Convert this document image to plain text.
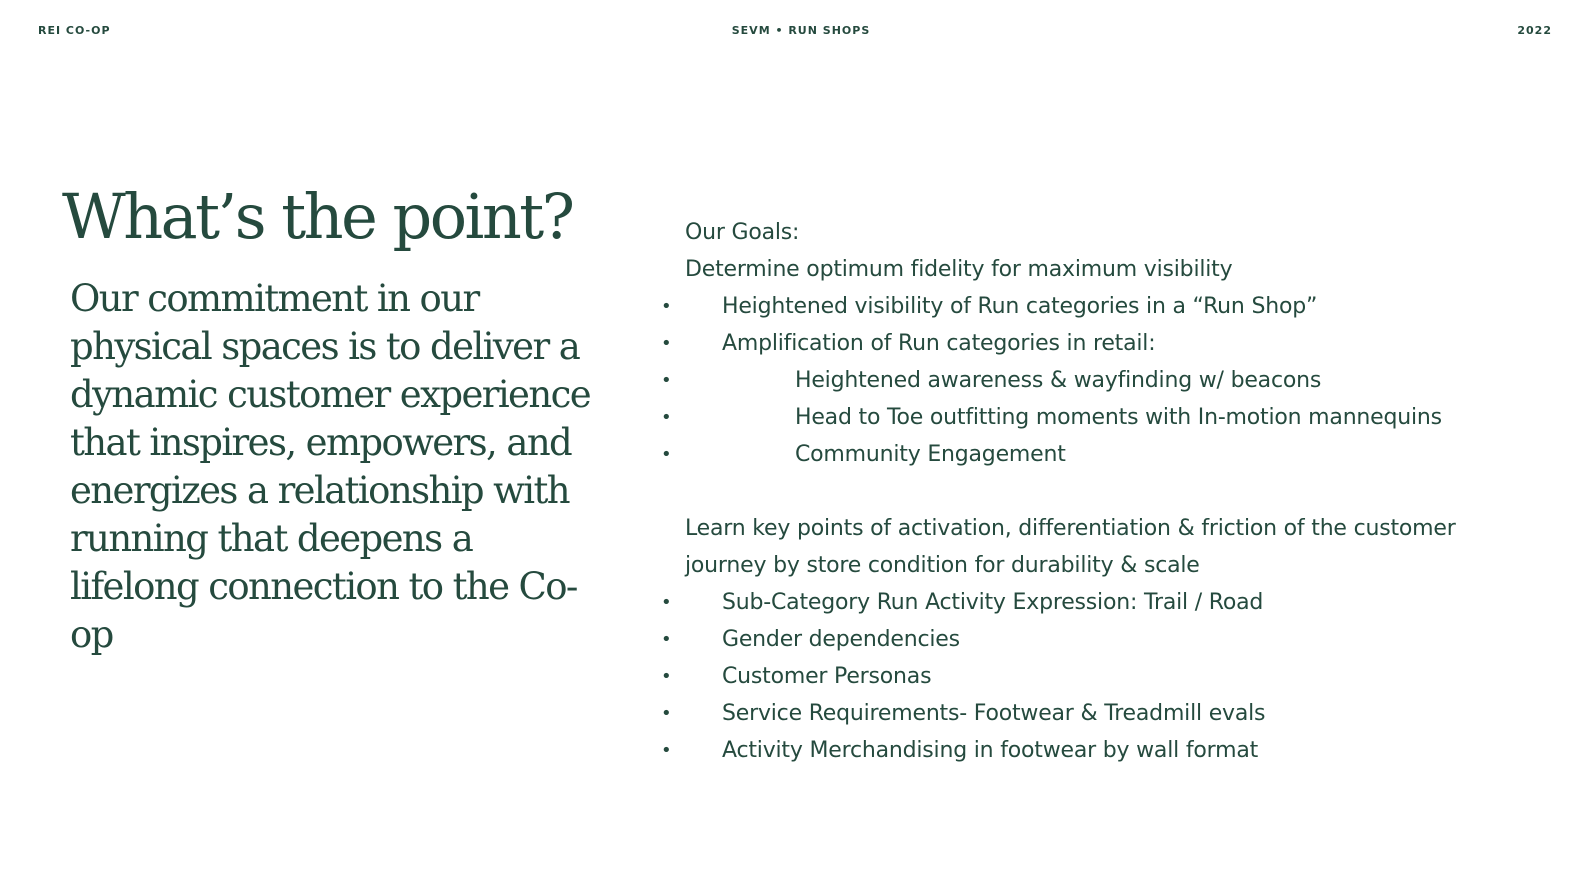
REI CO-OP	SEVM • RUN SHOPS	2022
What’s the point?

Our commitment in our physical spaces is to deliver a dynamic customer experience that inspires, empowers, and energizes a relationship with running that deepens a lifelong connection to the Co-op

Our Goals:

Determine optimum fidelity for maximum visibility

• Heightened visibility of Run categories in a “Run Shop”
• Amplification of Run categories in retail:
•	Heightened awareness & wayfinding w/ beacons
•	Head to Toe outfitting moments with In-motion mannequins
•	Community Engagement

Learn key points of activation, differentiation & friction of the customer

journey by store condition for durability & scale

• Sub-Category Run Activity Expression: Trail / Road
• Gender dependencies
• Customer Personas
• Service Requirements- Footwear & Treadmill evals
• Activity Merchandising in footwear by wall format
